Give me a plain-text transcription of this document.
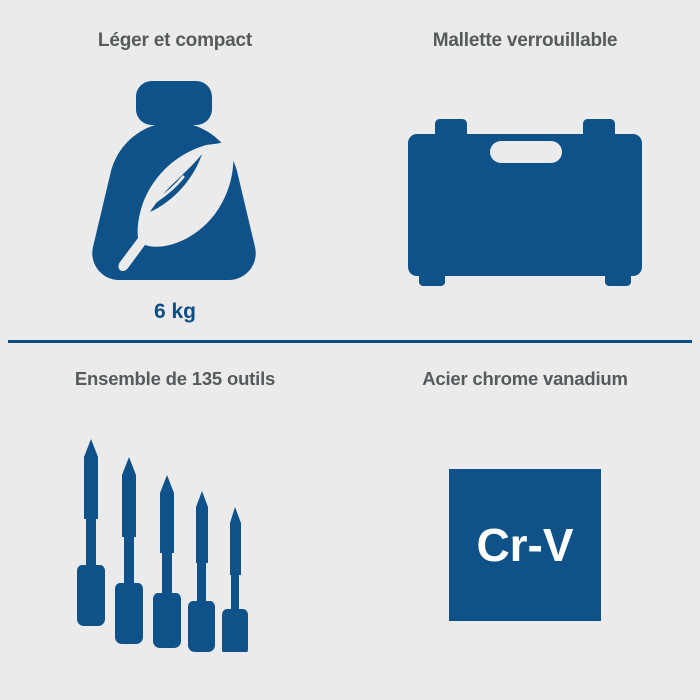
Léger et compact
6 kg
Mallette verrouillable
Ensemble de 135 outils	Acier chrome vanadium
Cr-V
